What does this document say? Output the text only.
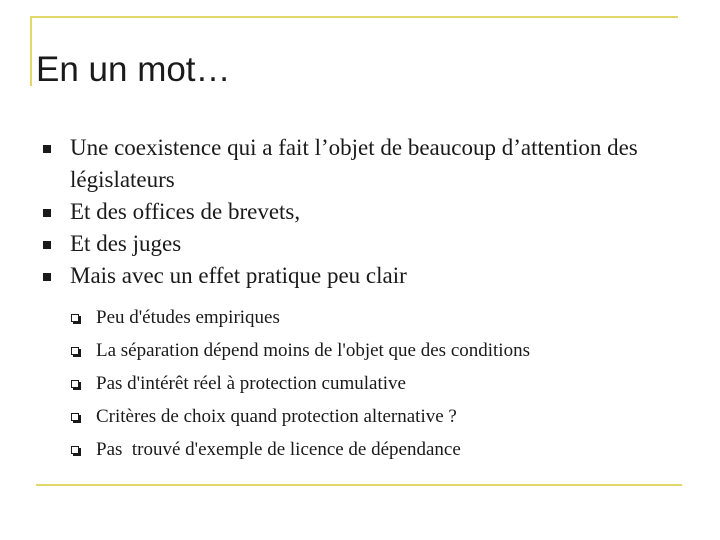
En un mot…
Une coexistence qui a fait l’objet de beaucoup d’attention des législateurs
Et des offices de brevets,
Et des juges
Mais avec un effet pratique peu clair
Peu d'études empiriques
La séparation dépend moins de l'objet que des conditions
Pas d'intérêt réel à protection cumulative
Critères de choix quand protection alternative ?
Pas  trouvé d'exemple de licence de dépendance
